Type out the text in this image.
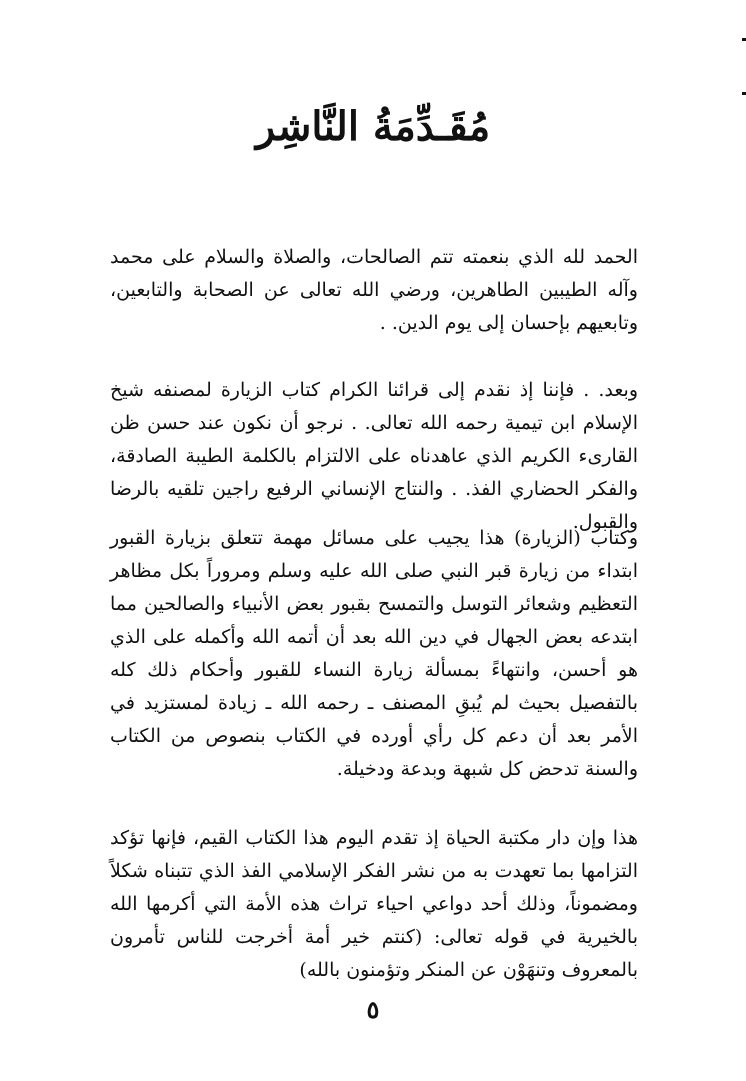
مُقَـدِّمَةُ النَّاشِر

الحمد لله الذي بنعمته تتم الصالحات، والصلاة والسلام على محمد وآله الطيبين الطاهرين، ورضي الله تعالى عن الصحابة والتابعين، وتابعيهم بإحسان إلى يوم الدين. .

وبعد. . فإننا إذ نقدم إلى قرائنا الكرام كتاب الزيارة لمصنفه شيخ الإسلام ابن تيمية رحمه الله تعالى. . نرجو أن نكون عند حسن ظن القارىء الكريم الذي عاهدناه على الالتزام بالكلمة الطيبة الصادقة، والفكر الحضاري الفذ. . والنتاج الإنساني الرفيع راجين تلقيه بالرضا والقبول.

وكتاب (الزيارة) هذا يجيب على مسائل مهمة تتعلق بزيارة القبور ابتداء من زيارة قبر النبي صلى الله عليه وسلم ومروراً بكل مظاهر التعظيم وشعائر التوسل والتمسح بقبور بعض الأنبياء والصالحين مما ابتدعه بعض الجهال في دين الله بعد أن أتمه الله وأكمله على الذي هو أحسن، وانتهاءً بمسألة زيارة النساء للقبور وأحكام ذلك كله بالتفصيل بحيث لم يُبقِ المصنف ـ رحمه الله ـ زيادة لمستزيد في الأمر بعد أن دعم كل رأي أورده في الكتاب بنصوص من الكتاب والسنة تدحض كل شبهة وبدعة ودخيلة.

هذا وإن دار مكتبة الحياة إذ تقدم اليوم هذا الكتاب القيم، فإنها تؤكد التزامها بما تعهدت به من نشر الفكر الإسلامي الفذ الذي تتبناه شكلاً ومضموناً، وذلك أحد دواعي احياء تراث هذه الأمة التي أكرمها الله بالخيرية في قوله تعالى: (كنتم خير أمة أخرجت للناس تأمرون بالمعروف وتنهَوْن عن المنكر وتؤمنون بالله)

٥
